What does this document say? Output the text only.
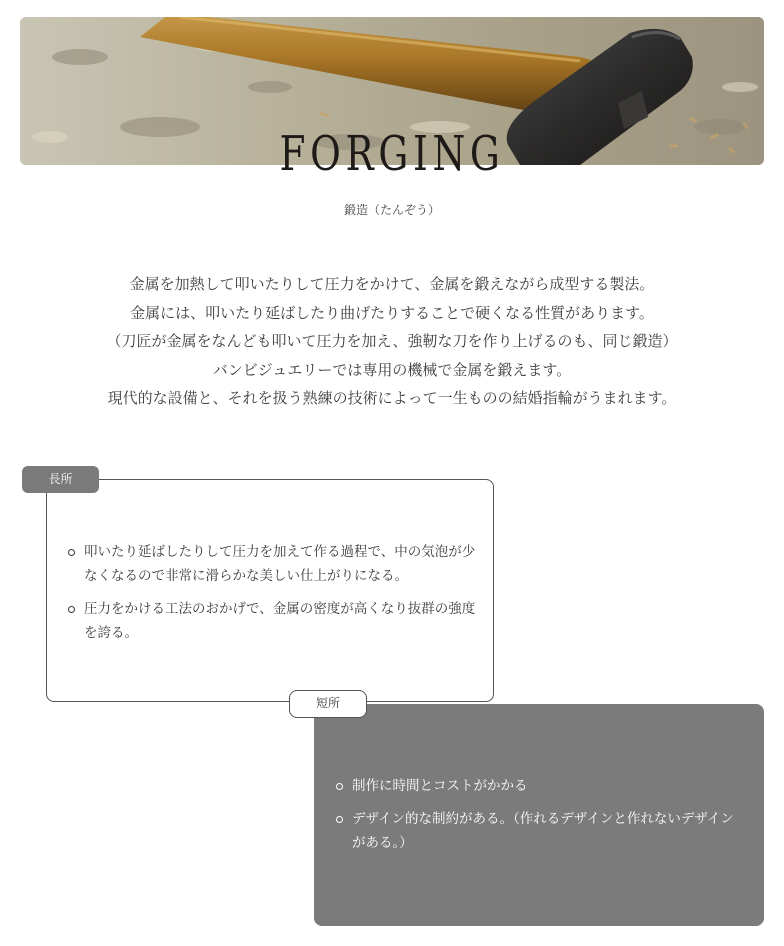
FORGING
鍛造（たんぞう）
金属を加熱して叩いたりして圧力をかけて、金属を鍛えながら成型する製法。
金属には、叩いたり延ばしたり曲げたりすることで硬くなる性質があります。
（刀匠が金属をなんども叩いて圧力を加え、強靭な刀を作り上げるのも、同じ鍛造）
バンビジュエリーでは専用の機械で金属を鍛えます。
現代的な設備と、それを扱う熟練の技術によって一生ものの結婚指輪がうまれます。
長所
叩いたり延ばしたりして圧力を加えて作る過程で、中の気泡が少なくなるので非常に滑らかな美しい仕上がりになる。
圧力をかける工法のおかげで、金属の密度が高くなり抜群の強度を誇る。
短所
制作に時間とコストがかかる
デザイン的な制約がある。（作れるデザインと作れないデザインがある。）
